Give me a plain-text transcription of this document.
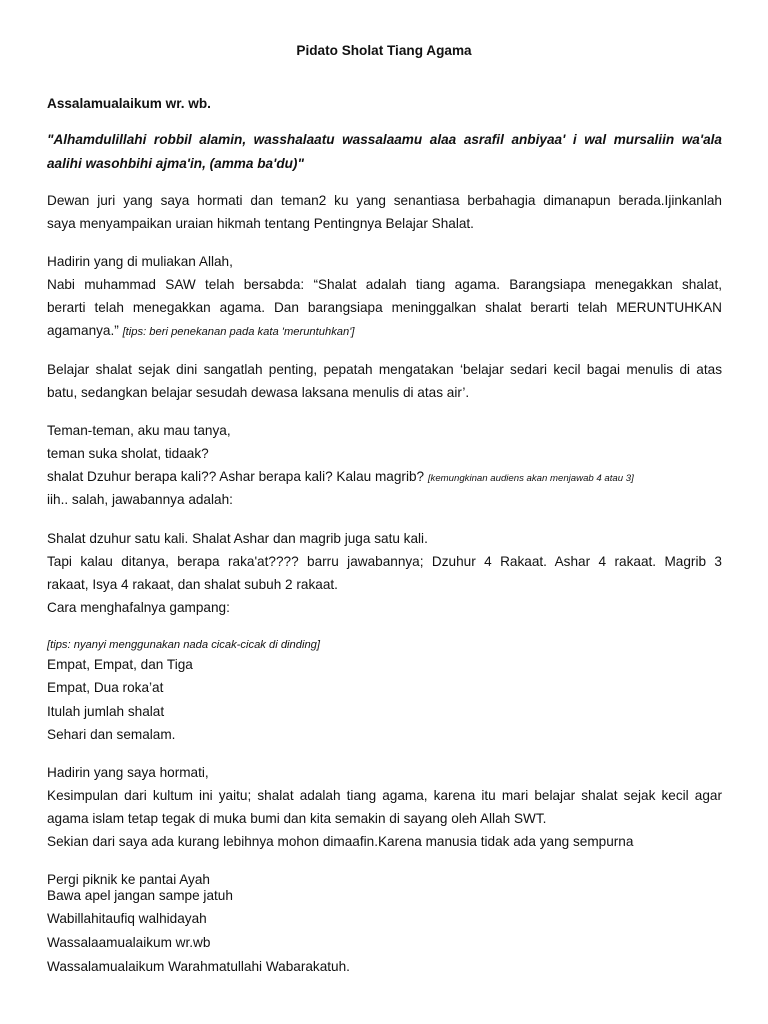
Pidato Sholat Tiang Agama

Assalamualaikum wr. wb.

"Alhamdulillahi robbil alamin, wasshalaatu wassalaamu alaa asrafil anbiyaa' i wal mursaliin wa'ala

aalihi wasohbihi ajma'in, (amma ba'du)"

Dewan juri yang saya hormati dan teman2 ku yang senantiasa berbahagia dimanapun berada.Ijinkanlah

saya menyampaikan uraian hikmah tentang Pentingnya Belajar Shalat.

Hadirin yang di muliakan Allah,

Nabi muhammad SAW telah bersabda: “Shalat adalah tiang agama. Barangsiapa menegakkan shalat,

berarti telah menegakkan agama. Dan barangsiapa meninggalkan shalat berarti telah MERUNTUHKAN

agamanya.” [tips: beri penekanan pada kata 'meruntuhkan']

Belajar shalat sejak dini sangatlah penting, pepatah mengatakan ‘belajar sedari kecil bagai menulis di atas

batu, sedangkan belajar sesudah dewasa laksana menulis di atas air’.

Teman-teman, aku mau tanya,

teman suka sholat, tidaak?

shalat Dzuhur berapa kali?? Ashar berapa kali? Kalau magrib? [kemungkinan audiens akan menjawab 4 atau 3]

iih.. salah, jawabannya adalah:

Shalat dzuhur satu kali. Shalat Ashar dan magrib juga satu kali.

Tapi kalau ditanya, berapa raka'at???? barru jawabannya; Dzuhur 4 Rakaat. Ashar 4 rakaat. Magrib 3

rakaat, Isya 4 rakaat, dan shalat subuh 2 rakaat.

Cara menghafalnya gampang:

[tips: nyanyi menggunakan nada cicak-cicak di dinding]

Empat, Empat, dan Tiga

Empat, Dua roka’at

Itulah jumlah shalat

Sehari dan semalam.

Hadirin yang saya hormati,

Kesimpulan dari kultum ini yaitu; shalat adalah tiang agama, karena itu mari belajar shalat sejak kecil agar

agama islam tetap tegak di muka bumi dan kita semakin di sayang oleh Allah SWT.

Sekian dari saya ada kurang lebihnya mohon dimaafin.Karena manusia tidak ada yang sempurna

Pergi piknik ke pantai Ayah

Bawa apel jangan sampe jatuh

Wabillahitaufiq walhidayah

Wassalaamualaikum wr.wb

Wassalamualaikum Warahmatullahi Wabarakatuh.
